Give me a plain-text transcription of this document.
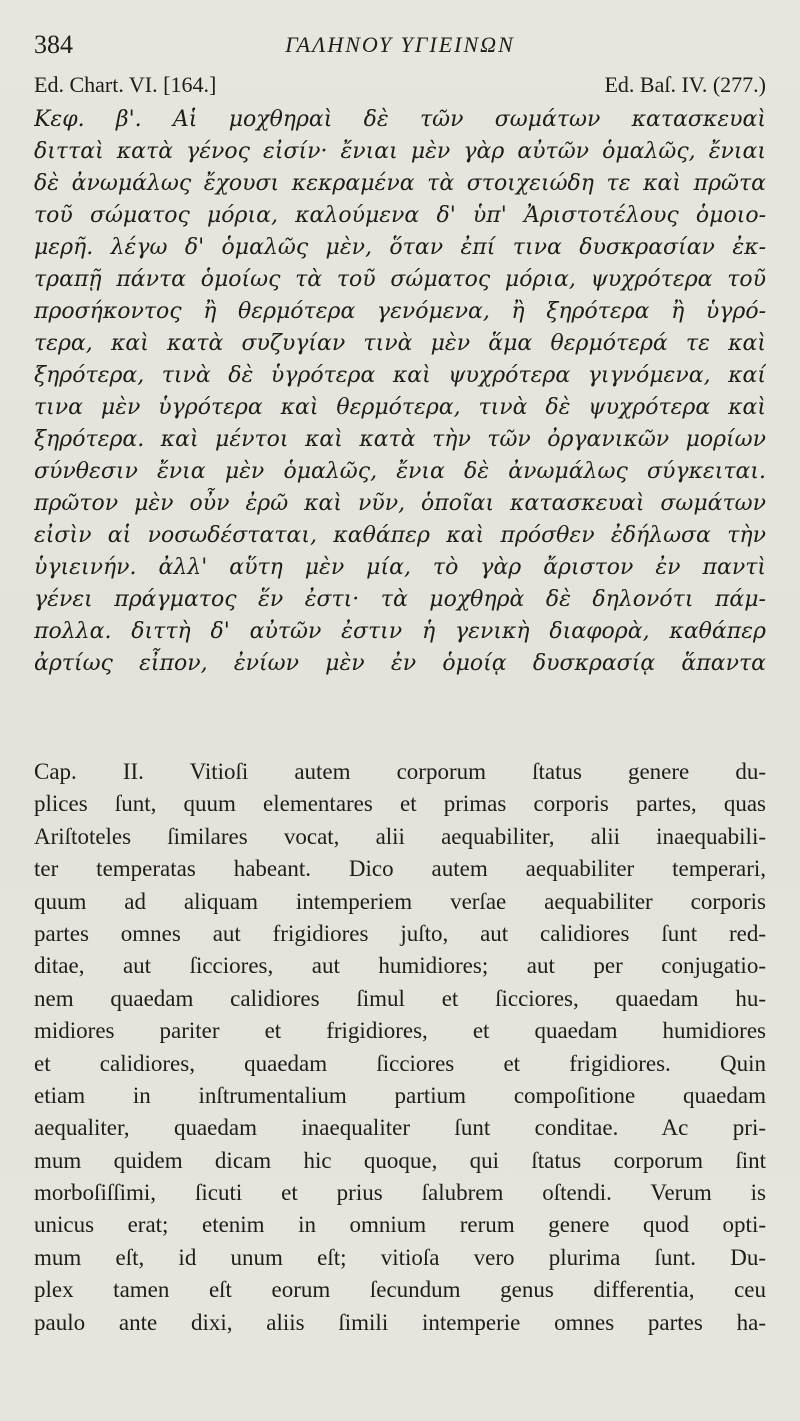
384	ΓΑΛΗΝΟΥ ΥΓΙΕΙΝΩΝ
Ed. Chart. VI. [164.]	Ed. Baſ. IV. (277.)
Κεφ. β'. Αἱ μοχθηραὶ δὲ τῶν σωμάτων κατασκευαὶ
διτταὶ κατὰ γένος εἰσίν· ἔνιαι μὲν γὰρ αὐτῶν ὁμαλῶς, ἔνιαι
δὲ ἀνωμάλως ἔχουσι κεκραμένα τὰ στοιχειώδη τε καὶ πρῶτα
τοῦ σώματος μόρια, καλούμενα δ' ὑπ' Ἀριστοτέλους ὁμοιο-
μερῆ. λέγω δ' ὁμαλῶς μὲν, ὅταν ἐπί τινα δυσκρασίαν ἐκ-
τραπῇ πάντα ὁμοίως τὰ τοῦ σώματος μόρια, ψυχρότερα τοῦ
προσήκοντος ἢ θερμότερα γενόμενα, ἢ ξηρότερα ἢ ὑγρό-
τερα, καὶ κατὰ συζυγίαν τινὰ μὲν ἅμα θερμότερά τε καὶ
ξηρότερα, τινὰ δὲ ὑγρότερα καὶ ψυχρότερα γιγνόμενα, καί
τινα μὲν ὑγρότερα καὶ θερμότερα, τινὰ δὲ ψυχρότερα καὶ
ξηρότερα. καὶ μέντοι καὶ κατὰ τὴν τῶν ὀργανικῶν μορίων
σύνθεσιν ἔνια μὲν ὁμαλῶς, ἔνια δὲ ἀνωμάλως σύγκειται.
πρῶτον μὲν οὖν ἐρῶ καὶ νῦν, ὁποῖαι κατασκευαὶ σωμάτων
εἰσὶν αἱ νοσωδέσταται, καθάπερ καὶ πρόσθεν ἐδήλωσα τὴν
ὑγιεινήν. ἀλλ' αὕτη μὲν μία, τὸ γὰρ ἄριστον ἐν παντὶ
γένει πράγματος ἕν ἐστι· τὰ μοχθηρὰ δὲ δηλονότι πάμ-
πολλα. διττὴ δ' αὐτῶν ἐστιν ἡ γενικὴ διαφορὰ, καθάπερ
ἀρτίως εἶπον, ἐνίων μὲν ἐν ὁμοίᾳ δυσκρασίᾳ ἅπαντα
Cap. II. Vitioſi autem corporum ſtatus genere du-
plices ſunt, quum elementares et primas corporis partes, quas
Ariſtoteles ſimilares vocat, alii aequabiliter, alii inaequabili-
ter temperatas habeant. Dico autem aequabiliter temperari,
quum ad aliquam intemperiem verſae aequabiliter corporis
partes omnes aut frigidiores juſto, aut calidiores ſunt red-
ditae, aut ſicciores, aut humidiores; aut per conjugatio-
nem quaedam calidiores ſimul et ſicciores, quaedam hu-
midiores pariter et frigidiores, et quaedam humidiores
et calidiores, quaedam ſicciores et frigidiores. Quin
etiam in inſtrumentalium partium compoſitione quaedam
aequaliter, quaedam inaequaliter ſunt conditae. Ac pri-
mum quidem dicam hic quoque, qui ſtatus corporum ſint
morboſiſſimi, ſicuti et prius ſalubrem oſtendi. Verum is
unicus erat; etenim in omnium rerum genere quod opti-
mum eſt, id unum eſt; vitioſa vero plurima ſunt. Du-
plex tamen eſt eorum ſecundum genus differentia, ceu
paulo ante dixi, aliis ſimili intemperie omnes partes ha-
